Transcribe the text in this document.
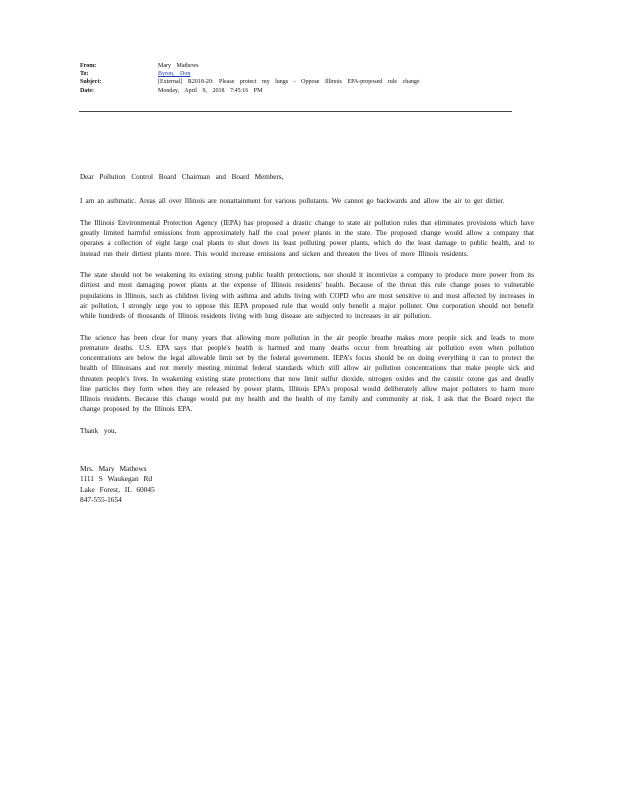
From:	Mary Mathews
To:	Byron, Don
Subject:	[External] R2018-20: Please protect my lungs - Oppose Illinois EPA-proposed rule change
Date:	Monday, April 9, 2018 7:45:16 PM

Dear Pollution Control Board Chairman and Board Members,

I am an asthmatic. Areas all over Illinois are nonattainment for various pollutants. We cannot go backwards and allow the air to get dirtier.

The Illinois Environmental Protection Agency (IEPA) has proposed a drastic change to state air pollution rules that eliminates provisions which have greatly limited harmful emissions from approximately half the coal power plants in the state. The proposed change would allow a company that operates a collection of eight large coal plants to shut down its least polluting power plants, which do the least damage to public health, and to instead run their dirtiest plants more. This would increase emissions and sicken and threaten the lives of more Illinois residents.

The state should not be weakening its existing strong public health protections, nor should it incentivize a company to produce more power from its dirtiest and most damaging power plants at the expense of Illinois residents' health. Because of the threat this rule change poses to vulnerable populations in Illinois, such as children living with asthma and adults living with COPD who are most sensitive to and most affected by increases in air pollution, I strongly urge you to oppose this IEPA proposed rule that would only benefit a major polluter. One corporation should not benefit while hundreds of thousands of Illinois residents living with lung disease are subjected to increases in air pollution.

The science has been clear for many years that allowing more pollution in the air people breathe makes more people sick and leads to more premature deaths. U.S. EPA says that people's health is harmed and many deaths occur from breathing air pollution even when pollution concentrations are below the legal allowable limit set by the federal government. IEPA's focus should be on doing everything it can to protect the health of Illinoisans and not merely meeting minimal federal standards which still allow air pollution concentrations that make people sick and threaten people's lives. In weakening existing state protections that now limit sulfur dioxide, nitrogen oxides and the caustic ozone gas and deadly fine particles they form when they are released by power plants, Illinois EPA's proposal would deliberately allow major polluters to harm more Illinois residents. Because this change would put my health and the health of my family and community at risk, I ask that the Board reject the change proposed by the Illinois EPA.

Thank you,

Mrs. Mary Mathews
1111 S Waukegan Rd
Lake Forest, IL 60045
847-555-1654
